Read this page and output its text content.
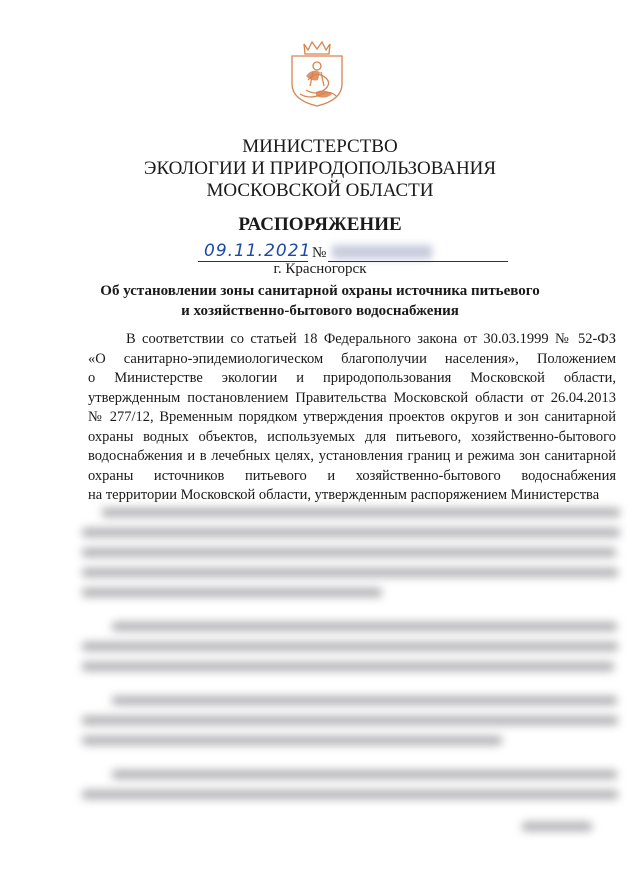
МИНИСТЕРСТВО
ЭКОЛОГИИ И ПРИРОДОПОЛЬЗОВАНИЯ
МОСКОВСКОЙ ОБЛАСТИ
РАСПОРЯЖЕНИЕ
09.11.2021 №
г. Красногорск
Об установлении зоны санитарной охраны источника питьевого
и хозяйственно-бытового водоснабжения
В соответствии со статьей 18 Федерального закона от 30.03.1999 № 52-ФЗ
«О санитарно-эпидемиологическом благополучии населения», Положением
о Министерстве экологии и природопользования Московской области,
утвержденным постановлением Правительства Московской области от 26.04.2013
№ 277/12, Временным порядком утверждения проектов округов и зон санитарной
охраны водных объектов, используемых для питьевого, хозяйственно-бытового
водоснабжения и в лечебных целях, установления границ и режима зон санитарной
охраны источников питьевого и хозяйственно-бытового водоснабжения
на территории Московской области, утвержденным распоряжением Министерства
